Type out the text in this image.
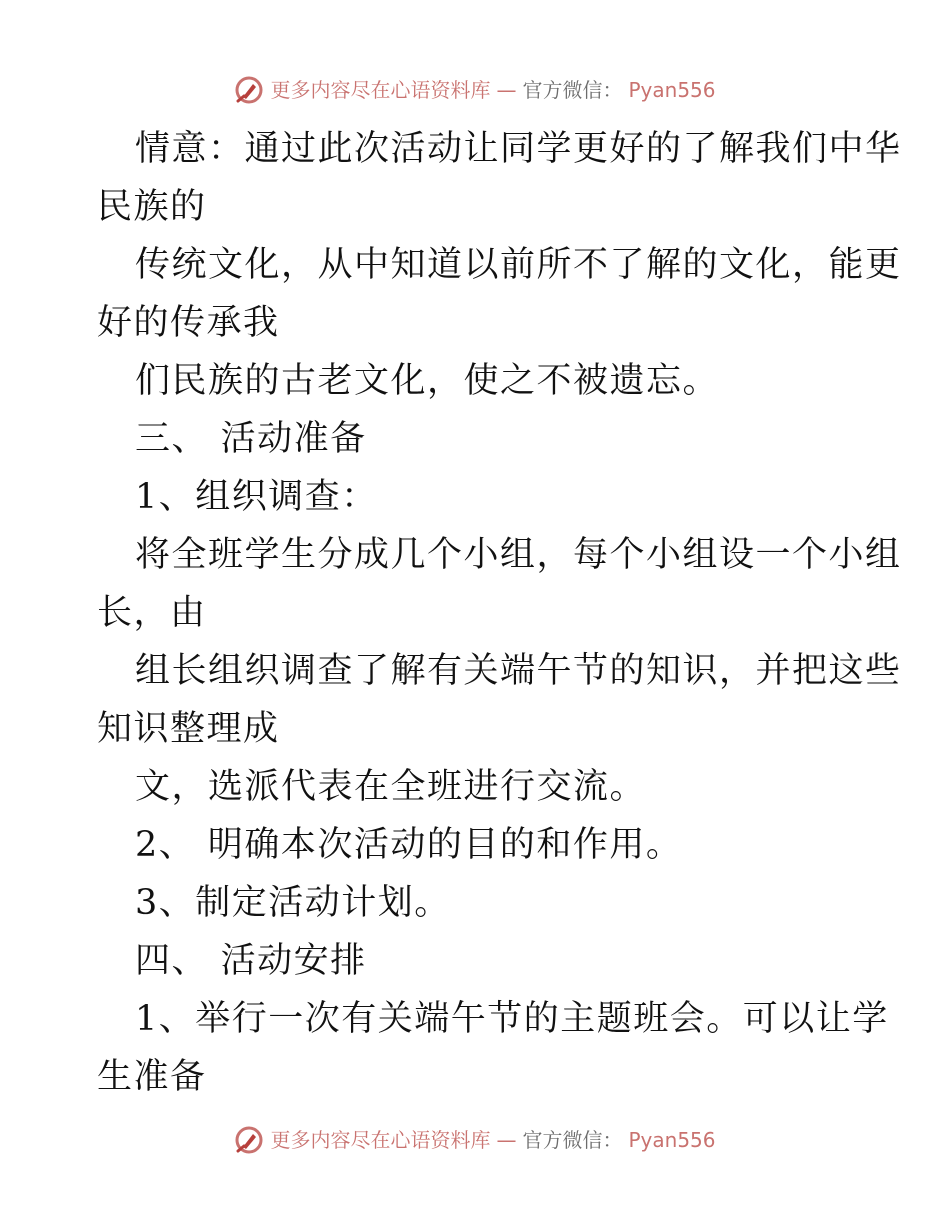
更多内容尽在心语资料库 — 官方微信： Pyan556
情意：通过此次活动让同学更好的了解我们中华
民族的
传统文化，从中知道以前所不了解的文化，能更
好的传承我
们民族的古老文化，使之不被遗忘。
三、 活动准备
1、组织调查：
将全班学生分成几个小组，每个小组设一个小组
长，由
组长组织调查了解有关端午节的知识，并把这些
知识整理成
文，选派代表在全班进行交流。
2、 明确本次活动的目的和作用。
3、制定活动计划。
四、 活动安排
1、举行一次有关端午节的主题班会。可以让学
生准备
更多内容尽在心语资料库 — 官方微信： Pyan556
